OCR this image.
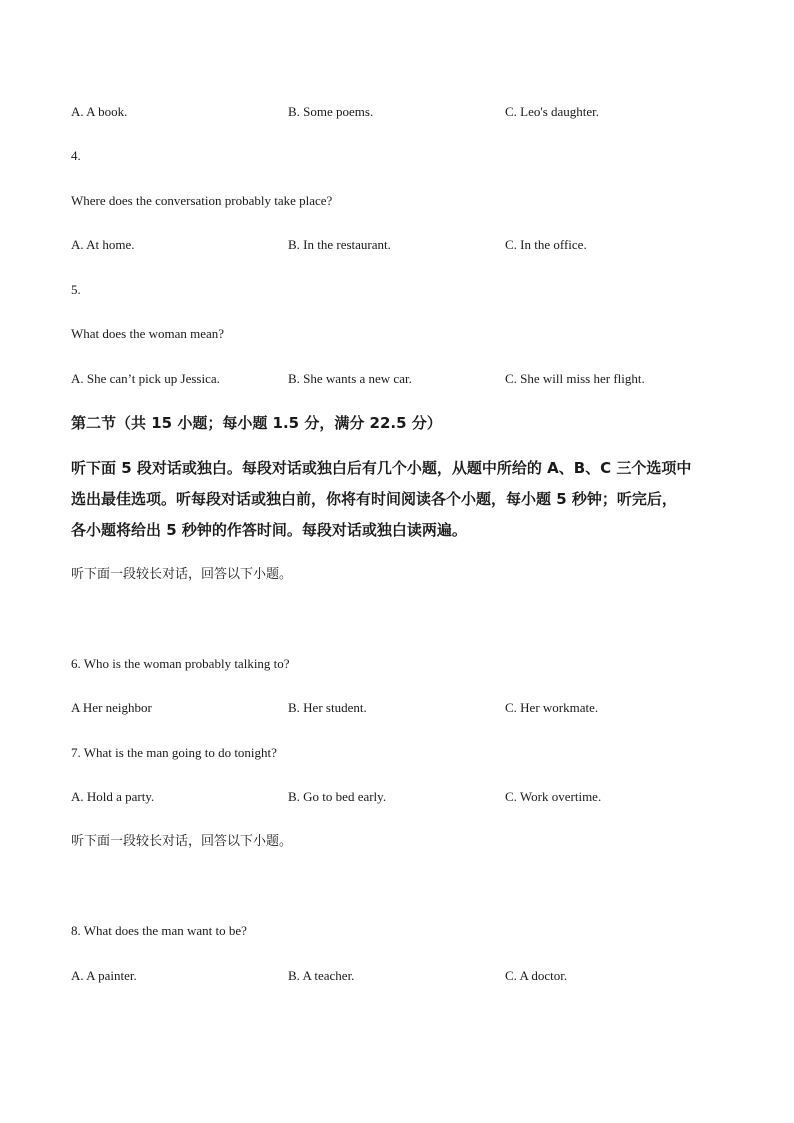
A. A book.	B. Some poems.	C. Leo's daughter.
4.
Where does the conversation probably take place?
A. At home.	B. In the restaurant.	C. In the office.
5.
What does the woman mean?
A. She can’t pick up Jessica.	B. She wants a new car.	C. She will miss her flight.
第二节（共 15 小题；每小题 1.5 分，满分 22.5 分）
听下面 5 段对话或独白。每段对话或独白后有几个小题，从题中所给的 A、B、C 三个选项中
选出最佳选项。听每段对话或独白前，你将有时间阅读各个小题，每小题 5 秒钟；听完后，
各小题将给出 5 秒钟的作答时间。每段对话或独白读两遍。
听下面一段较长对话，回答以下小题。
6. Who is the woman probably talking to?
A Her neighbor	B. Her student.	C. Her workmate.
7. What is the man going to do tonight?
A. Hold a party.	B. Go to bed early.	C. Work overtime.
听下面一段较长对话，回答以下小题。
8. What does the man want to be?
A. A painter.	B. A teacher.	C. A doctor.
